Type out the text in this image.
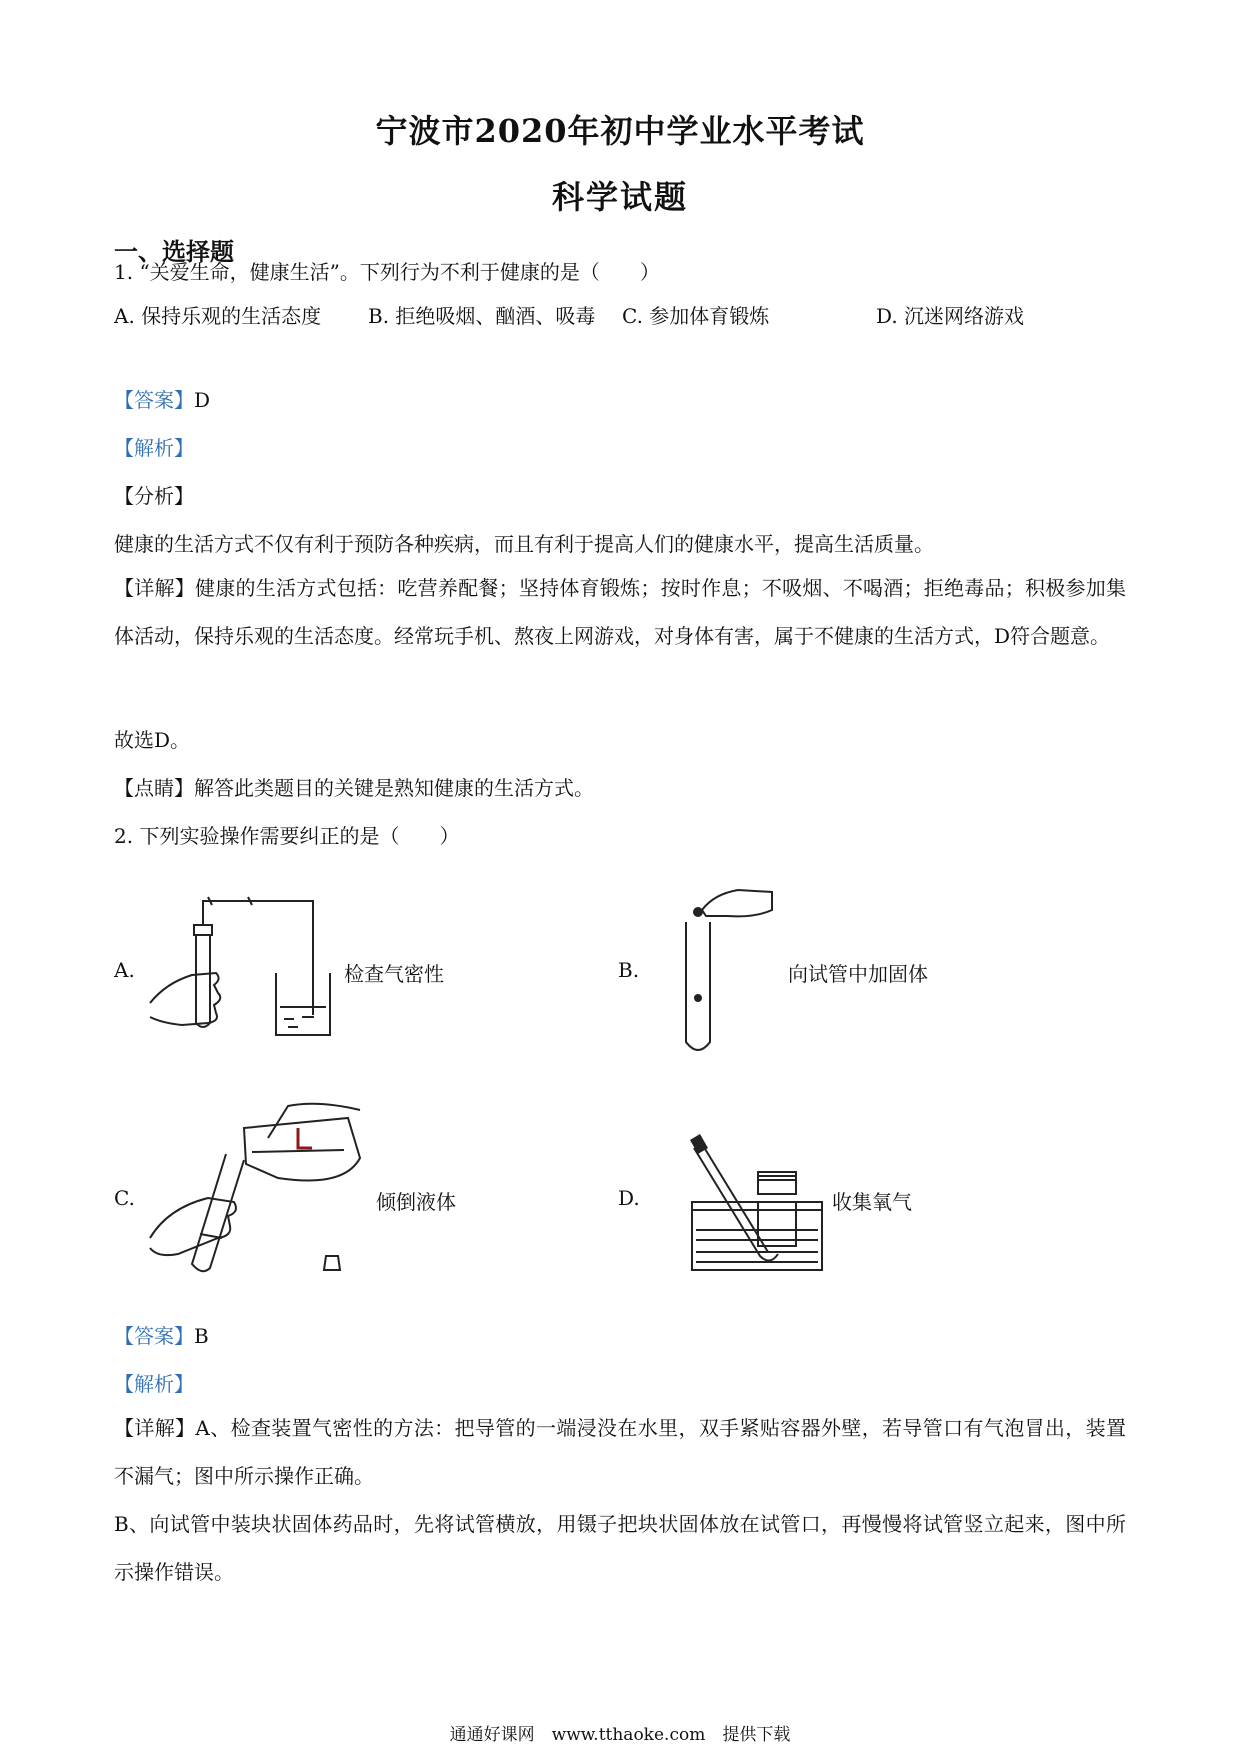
宁波市2020年初中学业水平考试
科学试题
一、选择题
1. “关爱生命，健康生活”。下列行为不利于健康的是（　　）
A. 保持乐观的生活态度 B. 拒绝吸烟、酗酒、吸毒 C. 参加体育锻炼	D. 沉迷网络游戏
【答案】D
【解析】
【分析】
健康的生活方式不仅有利于预防各种疾病，而且有利于提高人们的健康水平，提高生活质量。
【详解】健康的生活方式包括：吃营养配餐；坚持体育锻炼；按时作息；不吸烟、不喝酒；拒绝毒品；积极参加集体活动，保持乐观的生活态度。经常玩手机、熬夜上网游戏，对身体有害，属于不健康的生活方式，D符合题意。
故选D。
【点睛】解答此类题目的关键是熟知健康的生活方式。
2. 下列实验操作需要纠正的是（　　）
A.	检查气密性	B.	向试管中加固体
C.	倾倒液体	D.	收集氧气
【答案】B
【解析】
【详解】A、检查装置气密性的方法：把导管的一端浸没在水里，双手紧贴容器外壁，若导管口有气泡冒出，装置不漏气；图中所示操作正确。
B、向试管中装块状固体药品时，先将试管横放，用镊子把块状固体放在试管口，再慢慢将试管竖立起来，图中所示操作错误。
通通好课网　www.tthaoke.com　提供下载
